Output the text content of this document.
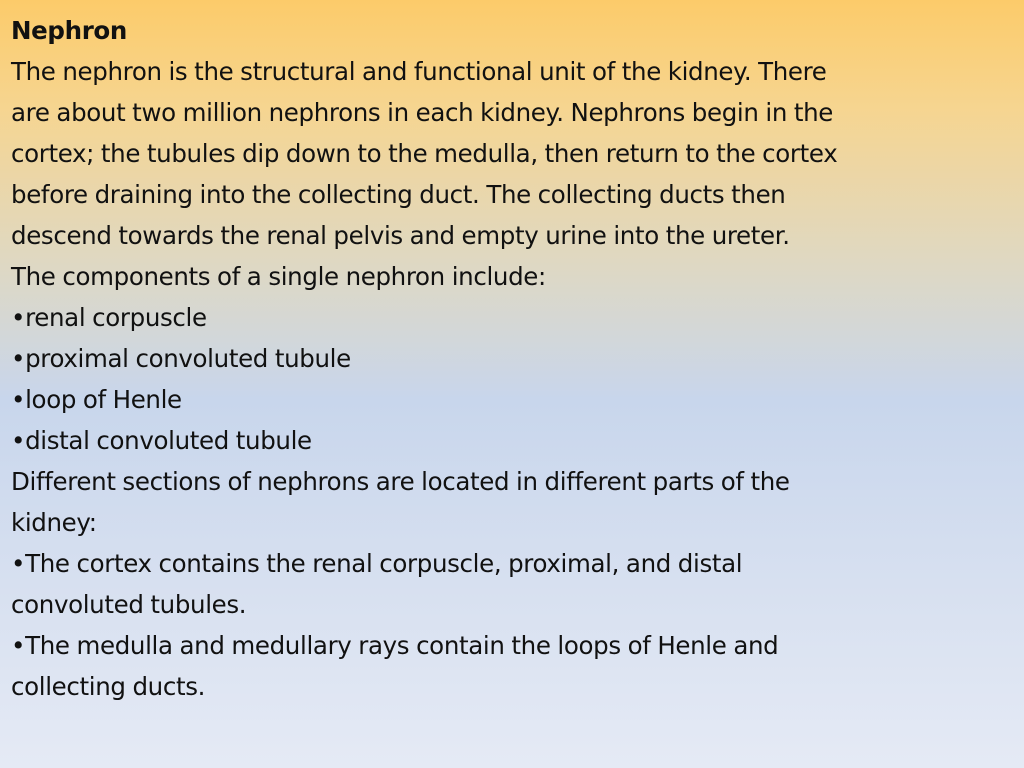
Nephron
The nephron is the structural and functional unit of the kidney. There
are about two million nephrons in each kidney. Nephrons begin in the
cortex; the tubules dip down to the medulla, then return to the cortex
before draining into the collecting duct. The collecting ducts then
descend towards the renal pelvis and empty urine into the ureter.
The components of a single nephron include:
•renal corpuscle
•proximal convoluted tubule
•loop of Henle
•distal convoluted tubule
Different sections of nephrons are located in different parts of the
kidney:
•The cortex contains the renal corpuscle, proximal, and distal
convoluted tubules.
•The medulla and medullary rays contain the loops of Henle and
collecting ducts.
